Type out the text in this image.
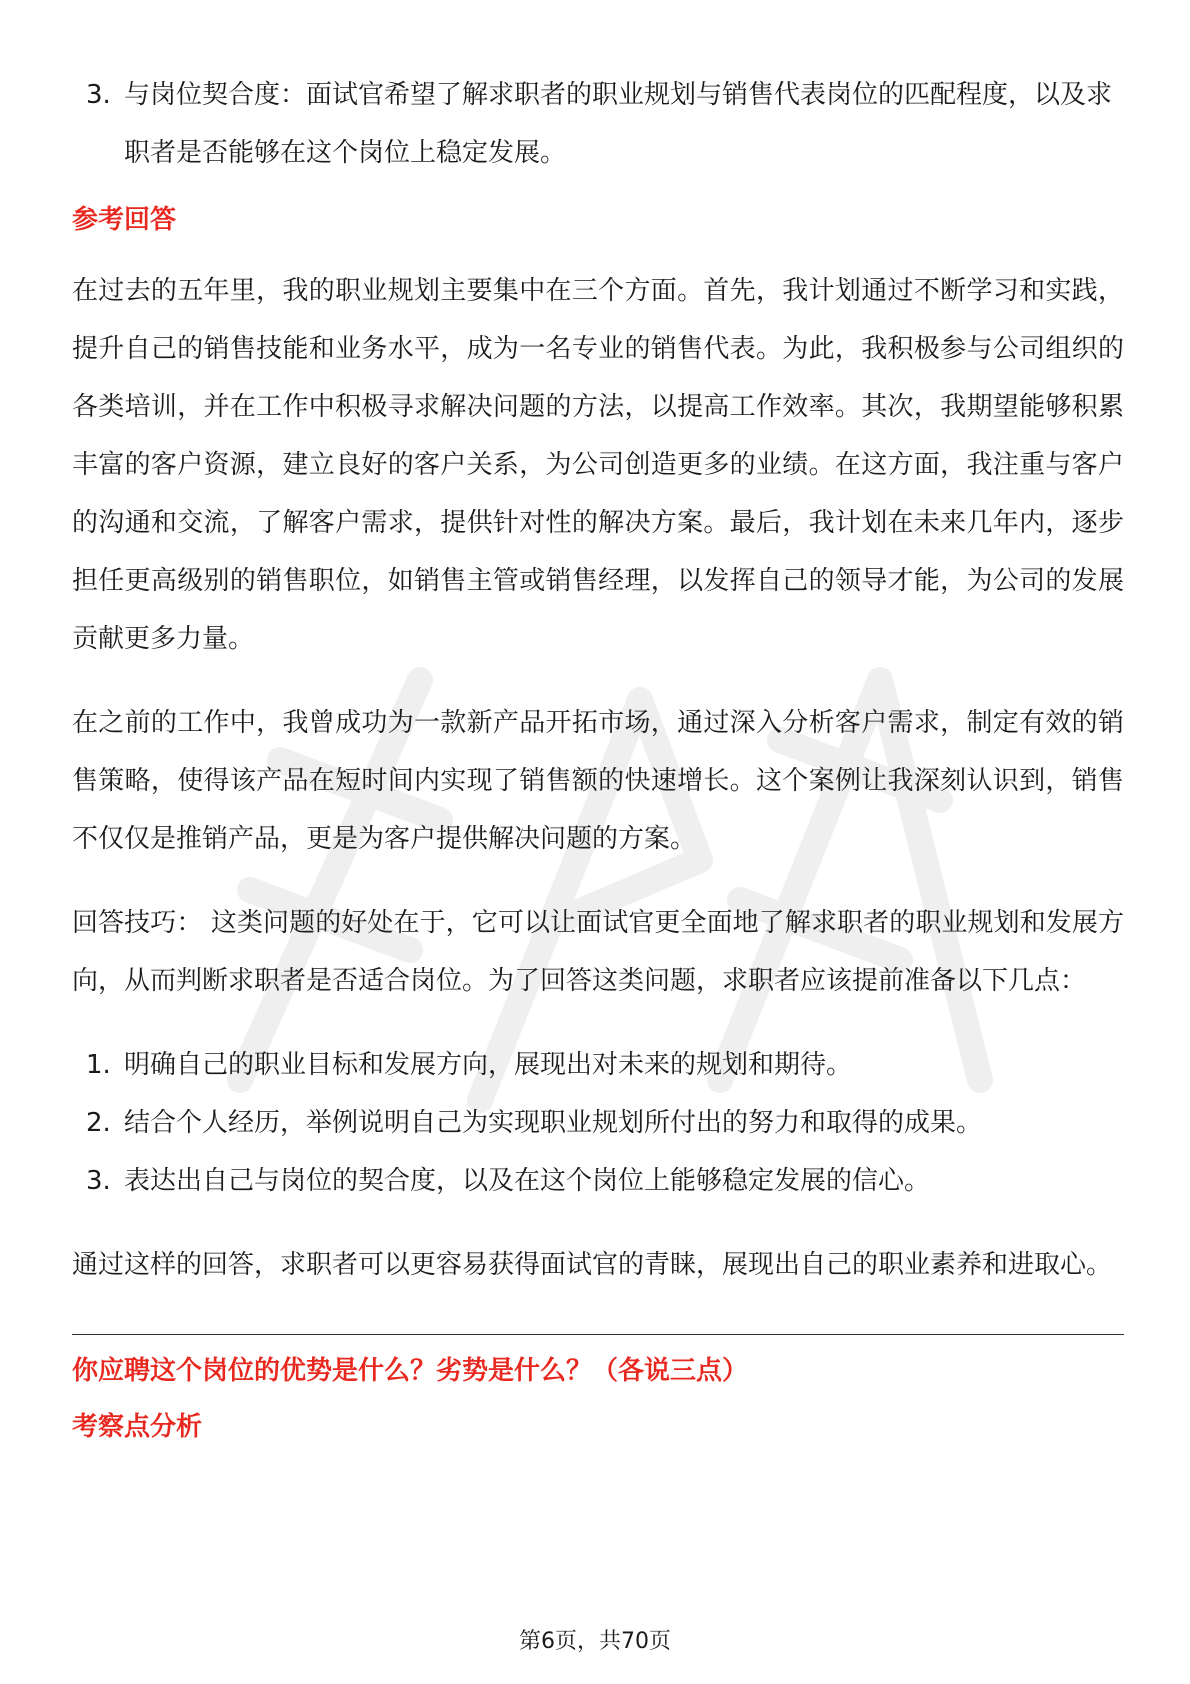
3. 与岗位契合度：面试官希望了解求职者的职业规划与销售代表岗位的匹配程度，以及求职者是否能够在这个岗位上稳定发展。
参考回答

在过去的五年里，我的职业规划主要集中在三个方面。首先，我计划通过不断学习和实践，提升自己的销售技能和业务水平，成为一名专业的销售代表。为此，我积极参与公司组织的各类培训，并在工作中积极寻求解决问题的方法，以提高工作效率。其次，我期望能够积累丰富的客户资源，建立良好的客户关系，为公司创造更多的业绩。在这方面，我注重与客户的沟通和交流，了解客户需求，提供针对性的解决方案。最后，我计划在未来几年内，逐步担任更高级别的销售职位，如销售主管或销售经理，以发挥自己的领导才能，为公司的发展贡献更多力量。

在之前的工作中，我曾成功为一款新产品开拓市场，通过深入分析客户需求，制定有效的销售策略，使得该产品在短时间内实现了销售额的快速增长。这个案例让我深刻认识到，销售不仅仅是推销产品，更是为客户提供解决问题的方案。

回答技巧： 这类问题的好处在于，它可以让面试官更全面地了解求职者的职业规划和发展方向，从而判断求职者是否适合岗位。为了回答这类问题，求职者应该提前准备以下几点：

1. 明确自己的职业目标和发展方向，展现出对未来的规划和期待。
2. 结合个人经历，举例说明自己为实现职业规划所付出的努力和取得的成果。
3. 表达出自己与岗位的契合度，以及在这个岗位上能够稳定发展的信心。

通过这样的回答，求职者可以更容易获得面试官的青睐，展现出自己的职业素养和进取心。

你应聘这个岗位的优势是什么？劣势是什么？（各说三点）
考察点分析
第6页，共70页
